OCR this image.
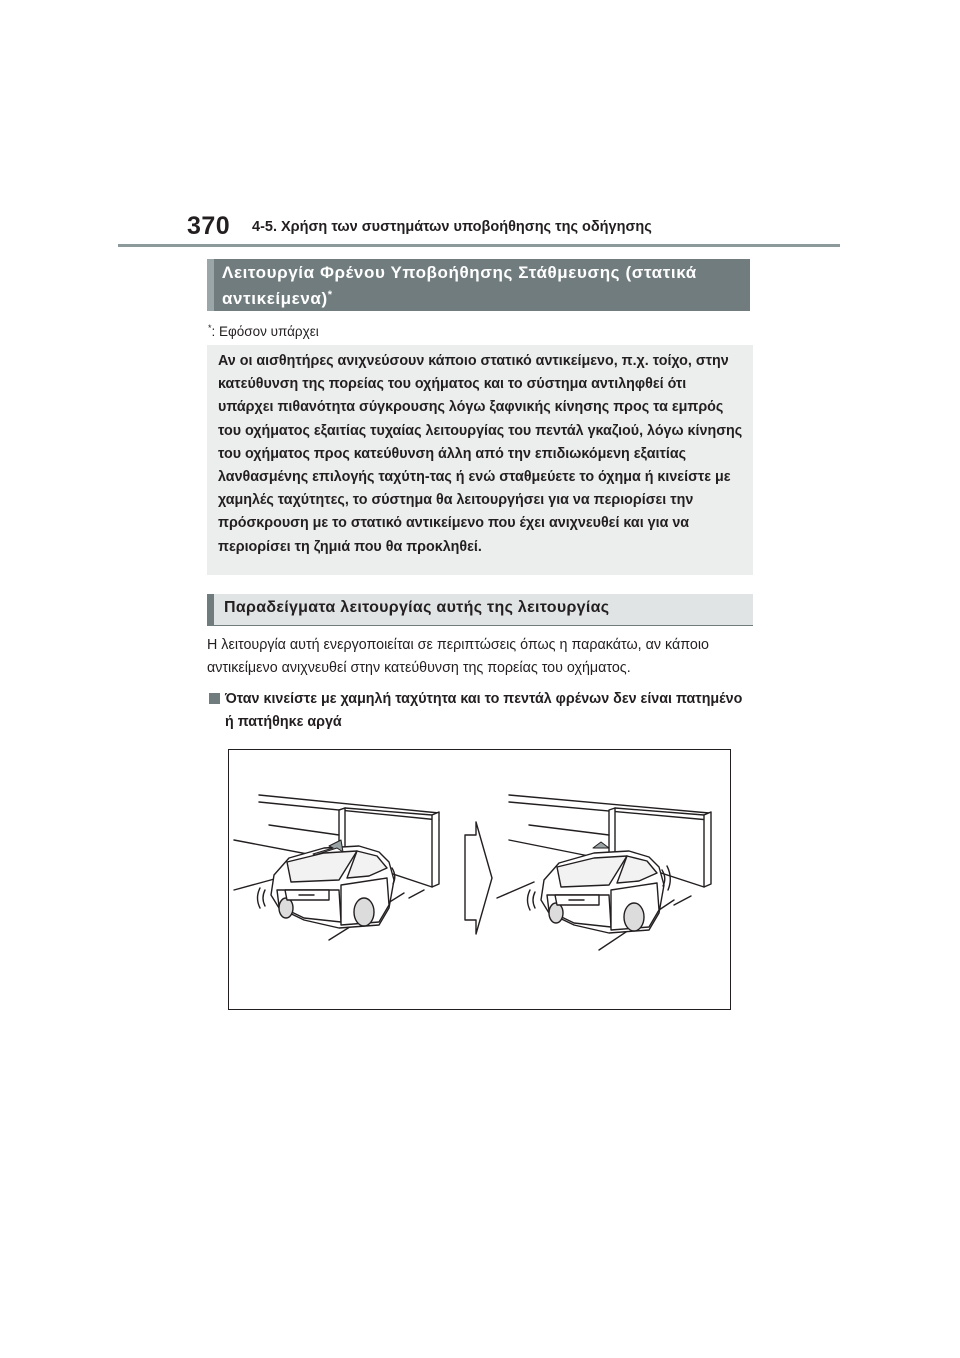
370 4-5. Χρήση των συστημάτων υποβοήθησης της οδήγησης
Λειτουργία Φρένου Υποβοήθησης Στάθμευσης (στατικά
αντικείμενα)*
*: Εφόσον υπάρχει
Αν οι αισθητήρες ανιχνεύσουν κάποιο στατικό αντικείμενο, π.χ. τοίχο, στην κατεύθυνση της πορείας του οχήματος και το σύστημα αντιληφθεί ότι υπάρχει πιθανότητα σύγκρουσης λόγω ξαφνικής κίνησης προς τα εμπρός του οχήματος εξαιτίας τυχαίας λειτουργίας του πεντάλ γκαζιού, λόγω κίνησης του οχήματος προς κατεύθυνση άλλη από την επιδιωκόμενη εξαιτίας λανθασμένης επιλογής ταχύτη-τας ή ενώ σταθμεύετε το όχημα ή κινείστε με χαμηλές ταχύτητες, το σύστημα θα λειτουργήσει για να περιορίσει την πρόσκρουση με το στατικό αντικείμενο που έχει ανιχνευθεί και για να περιορίσει τη ζημιά που θα προκληθεί.
Παραδείγματα λειτουργίας αυτής της λειτουργίας
Η λειτουργία αυτή ενεργοποιείται σε περιπτώσεις όπως η παρακάτω, αν κάποιο αντικείμενο ανιχνευθεί στην κατεύθυνση της πορείας του οχήματος.
Όταν κινείστε με χαμηλή ταχύτητα και το πεντάλ φρένων δεν είναι πατημένο ή πατήθηκε αργά
